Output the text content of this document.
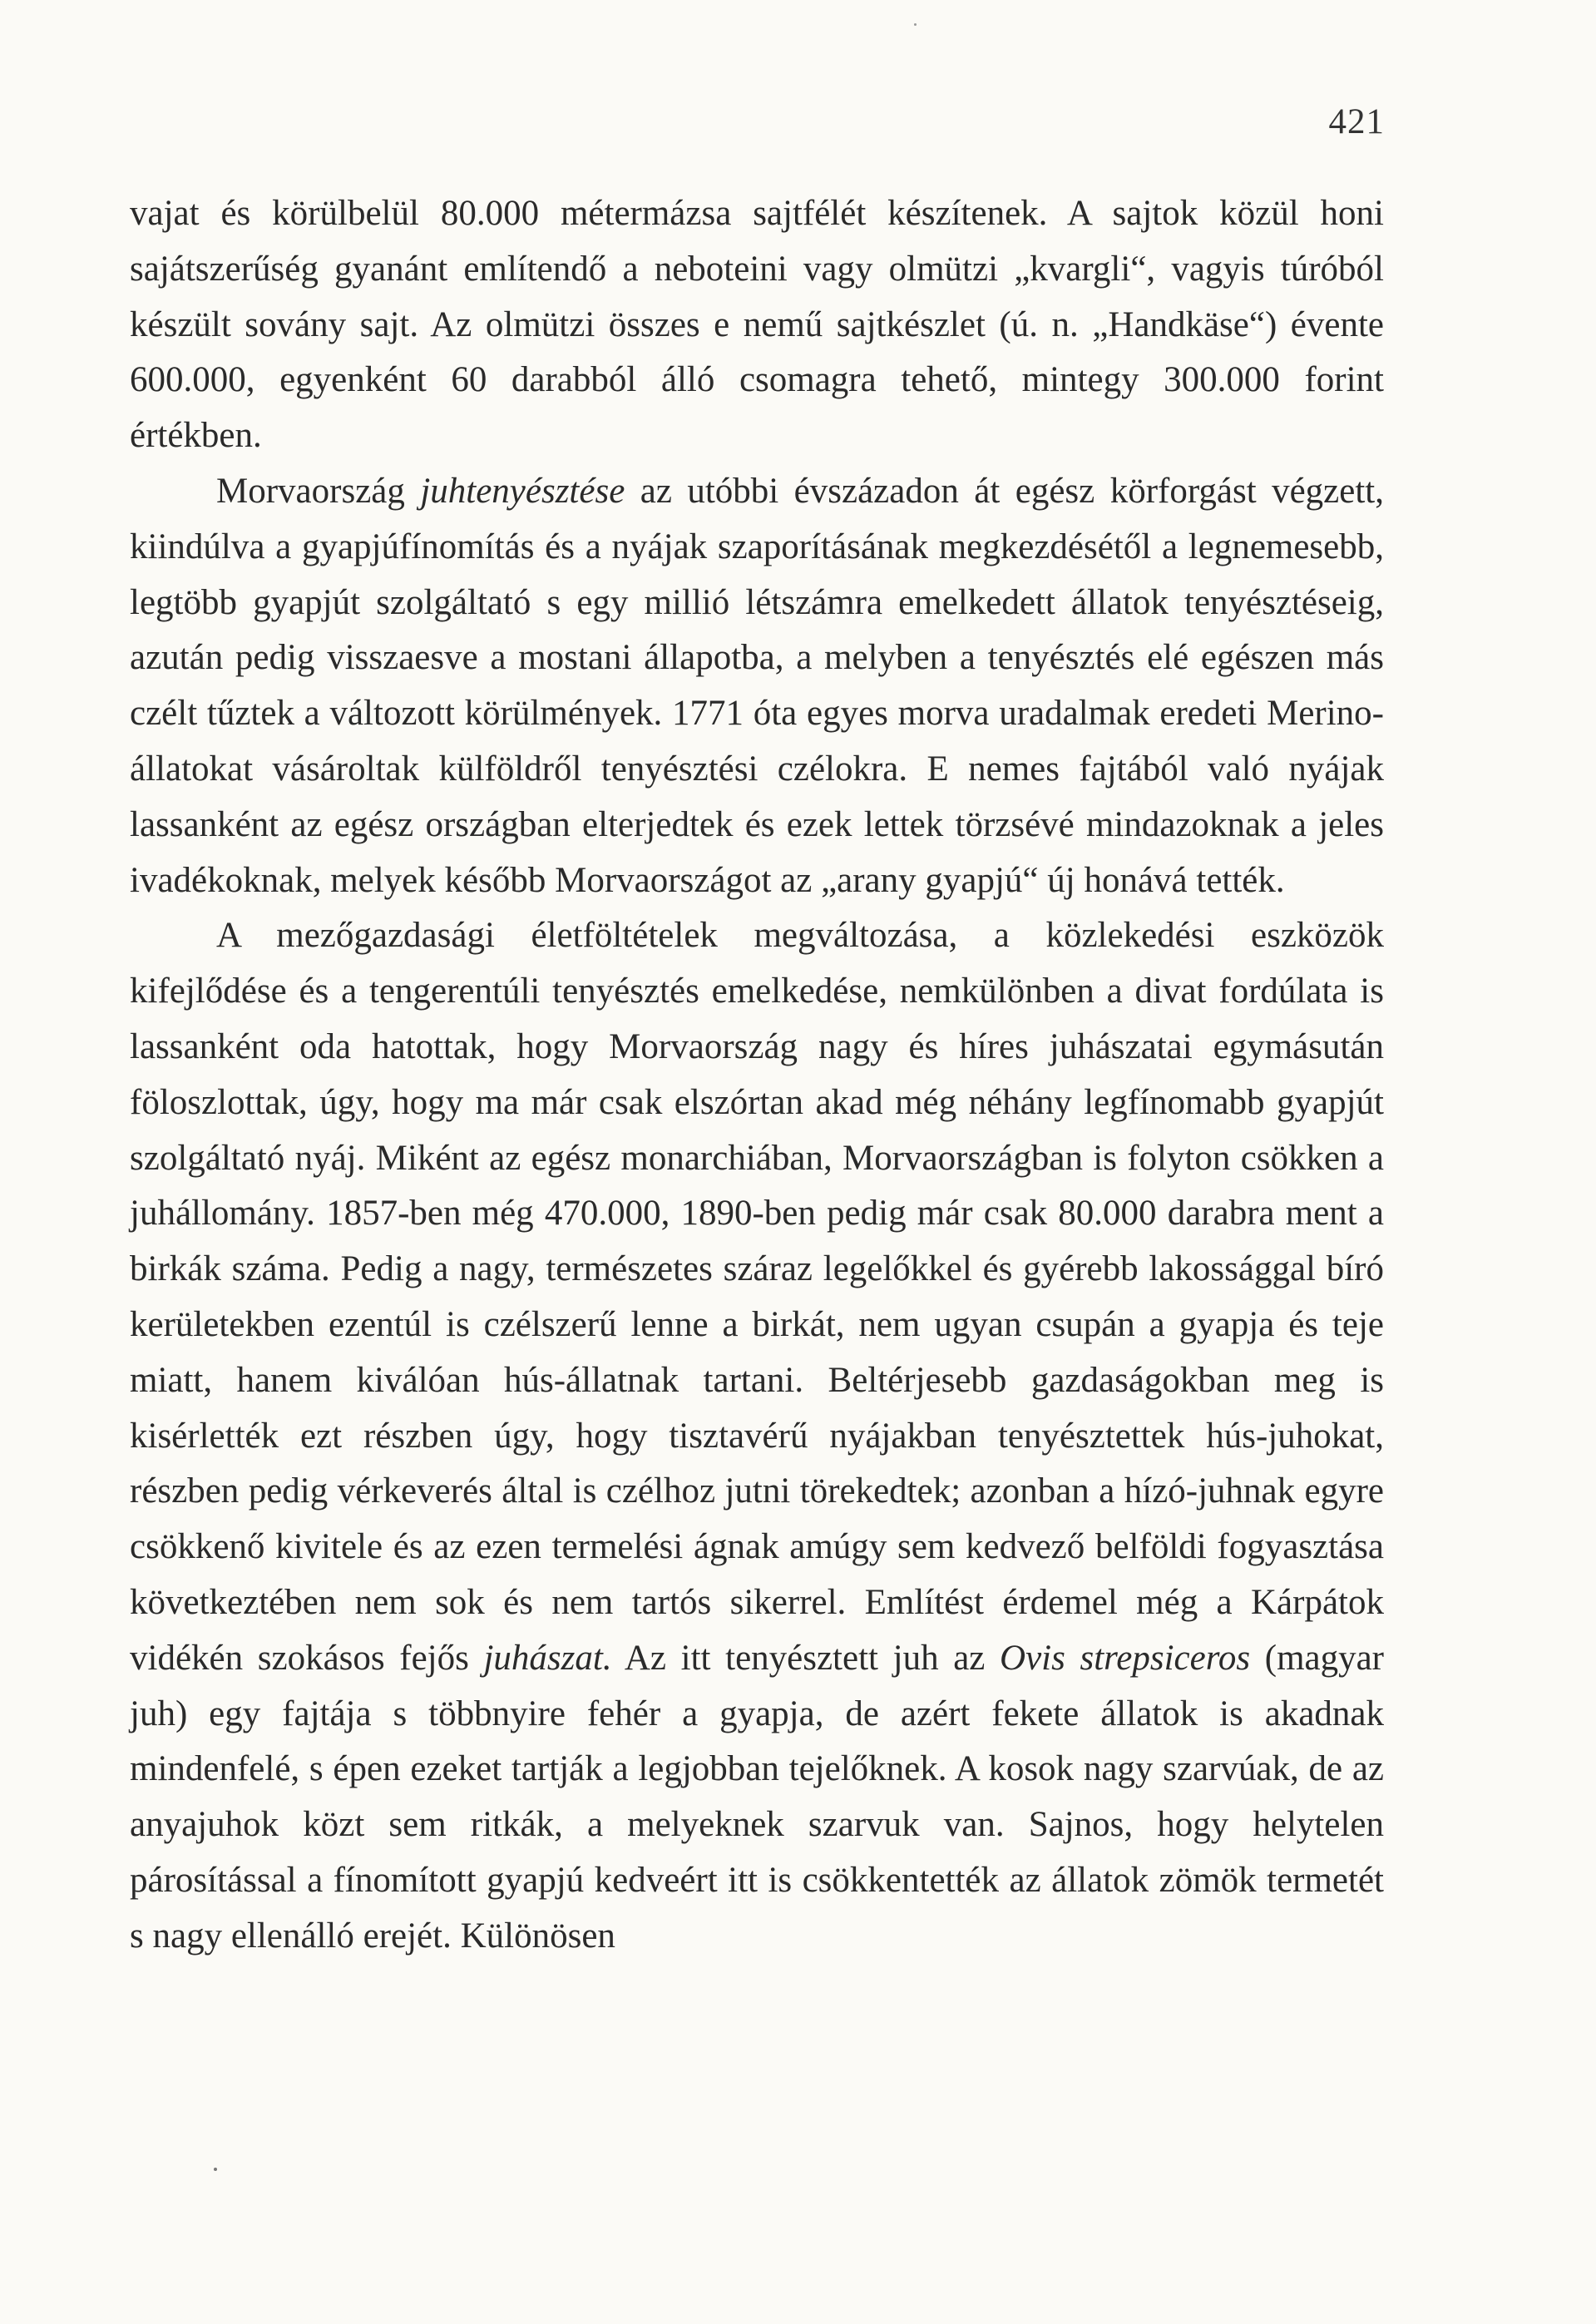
421

vajat és körülbelül 80.000 métermázsa sajtfélét készítenek. A sajtok közül honi sajátszerűség gyanánt említendő a neboteini vagy olmützi „kvargli“, vagyis túróból készült sovány sajt. Az olmützi összes e nemű sajtkészlet (ú. n. „Handkäse“) évente 600.000, egyenként 60 darabból álló csomagra tehető, mintegy 300.000 forint értékben.

Morvaország juhtenyésztése az utóbbi évszázadon át egész körforgást végzett, kiindúlva a gyapjúfínomítás és a nyájak szaporításának megkezdésétől a legnemesebb, legtöbb gyapjút szolgáltató s egy millió létszámra emelkedett állatok tenyésztéseig, azután pedig visszaesve a mostani állapotba, a melyben a tenyésztés elé egészen más czélt tűztek a változott körülmények. 1771 óta egyes morva uradalmak eredeti Merino-állatokat vásároltak külföldről tenyésztési czélokra. E nemes fajtából való nyájak lassanként az egész országban elterjedtek és ezek lettek törzsévé mindazoknak a jeles ivadékoknak, melyek később Morvaországot az „arany gyapjú“ új honává tették.

A mezőgazdasági életföltételek megváltozása, a közlekedési eszközök kifejlődése és a tengerentúli tenyésztés emelkedése, nemkülönben a divat fordúlata is lassanként oda hatottak, hogy Morvaország nagy és híres juhászatai egymásután föloszlottak, úgy, hogy ma már csak elszórtan akad még néhány legfínomabb gyapjút szolgáltató nyáj. Miként az egész monarchiában, Morvaországban is folyton csökken a juhállomány. 1857-ben még 470.000, 1890-ben pedig már csak 80.000 darabra ment a birkák száma. Pedig a nagy, természetes száraz legelőkkel és gyérebb lakossággal bíró kerületekben ezentúl is czélszerű lenne a birkát, nem ugyan csupán a gyapja és teje miatt, hanem kiválóan hús-állatnak tartani. Beltérjesebb gazdaságokban meg is kisérlették ezt részben úgy, hogy tisztavérű nyájakban tenyésztettek hús-juhokat, részben pedig vérkeverés által is czélhoz jutni törekedtek; azonban a hízó-juhnak egyre csökkenő kivitele és az ezen termelési ágnak amúgy sem kedvező belföldi fogyasztása következtében nem sok és nem tartós sikerrel. Említést érdemel még a Kárpátok vidékén szokásos fejős juhászat. Az itt tenyésztett juh az Ovis strepsiceros (magyar juh) egy fajtája s többnyire fehér a gyapja, de azért fekete állatok is akadnak mindenfelé, s épen ezeket tartják a legjobban tejelőknek. A kosok nagy szarvúak, de az anyajuhok közt sem ritkák, a melyeknek szarvuk van. Sajnos, hogy helytelen párosítással a fínomított gyapjú kedveért itt is csökkentették az állatok zömök termetét s nagy ellenálló erejét. Különösen
